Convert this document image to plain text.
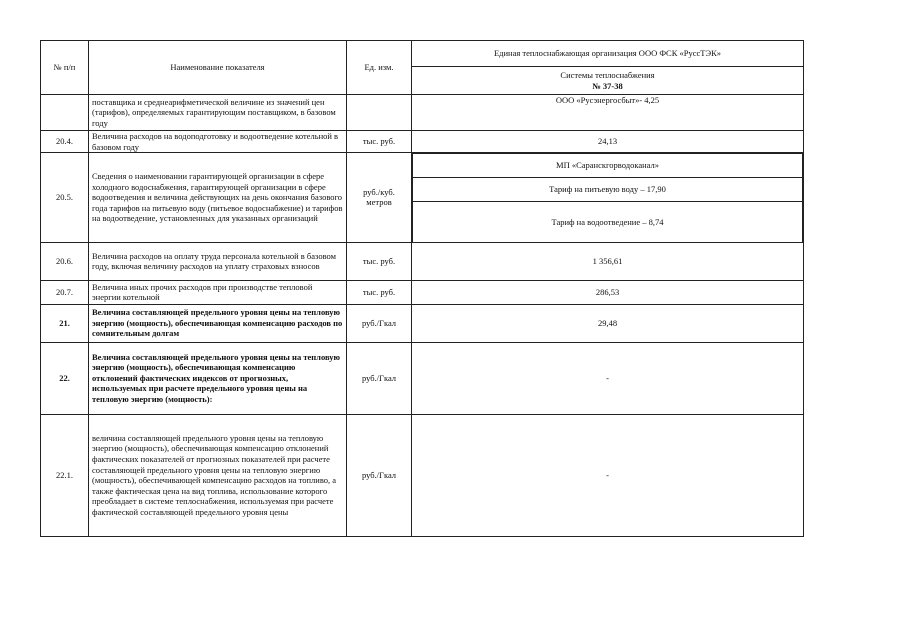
№ п/п	Наименование показателя	Ед. изм.	Единая теплоснабжающая организация ООО ФСК «РуссТЭК»

Системы теплоснабжения
№ 37-38

	поставщика и среднеарифметической величине из значений цен (тарифов), определяемых гарантирующим поставщиком, в базовом году		ООО «Русэнергосбыт»- 4,25
20.4.	Величина расходов на водоподготовку и водоотведение котельной в базовом году	тыс. руб.	24,13
20.5.	Сведения о наименовании гарантирующей организации в сфере холодного водоснабжения, гарантирующей организации в сфере водоотведения и величина действующих на день окончания базового года тарифов на питьевую воду (питьевое водоснабжение) и тарифов на водоотведение, установленных для указанных организаций	руб./куб. метров	
МП «Саранскгорводоканал»
Тариф на питьевую воду – 17,90
Тариф на водоотведение – 8,74

20.6.	Величина расходов на оплату труда персонала котельной в базовом году, включая величину расходов на уплату страховых взносов	тыс. руб.	1 356,61
20.7.	Величина иных прочих расходов при производстве тепловой энергии котельной	тыс. руб.	286,53
21.	Величина составляющей предельного уровня цены на тепловую энергию (мощность), обеспечивающая компенсацию расходов по сомнительным долгам	руб./Гкал	29,48
22.	Величина составляющей предельного уровня цены на тепловую энергию (мощность), обеспечивающая компенсацию отклонений фактических индексов от прогнозных, используемых при расчете предельного уровня цены на тепловую энергию (мощность):	руб./Гкал	-
22.1.	величина составляющей предельного уровня цены на тепловую энергию (мощность), обеспечивающая компенсацию отклонений фактических показателей от прогнозных показателей при расчете составляющей предельного уровня цены на тепловую энергию (мощность), обеспечивающей компенсацию расходов на топливо, а также фактическая цена на вид топлива, использование которого преобладает в системе теплоснабжения, используемая при расчете фактической составляющей предельного уровня цены	руб./Гкал	-
